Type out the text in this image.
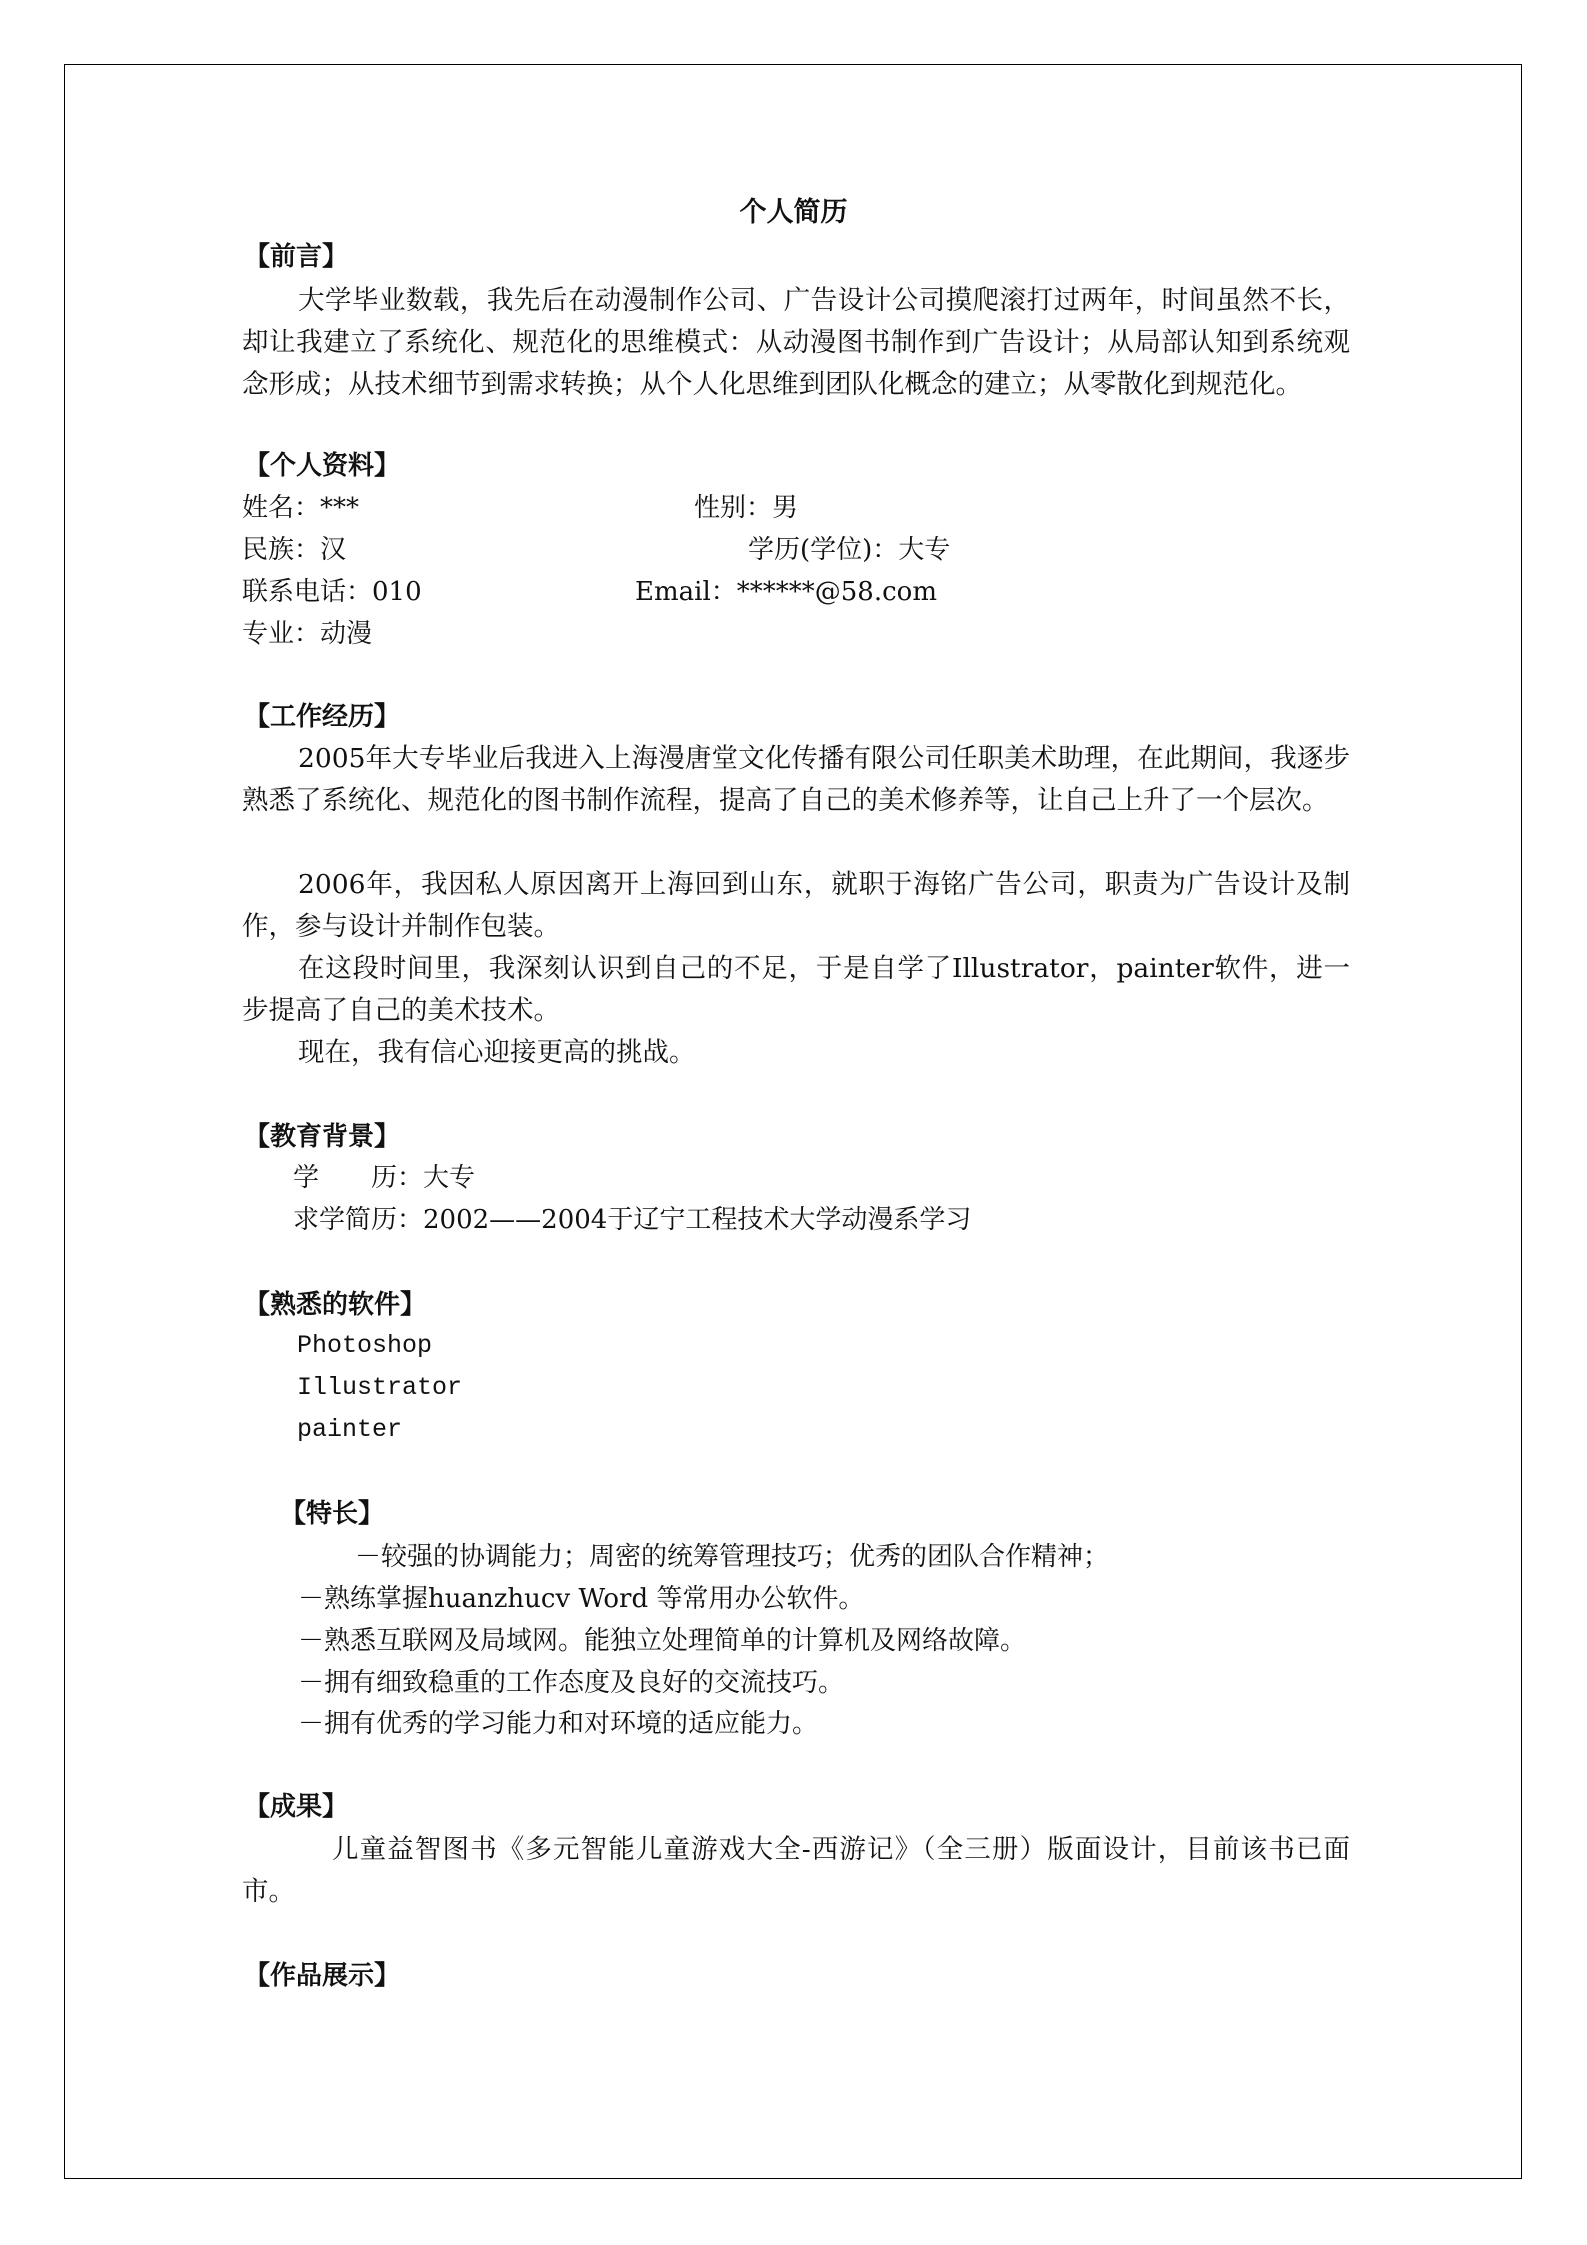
个人简历
【前言】
大学毕业数载，我先后在动漫制作公司、广告设计公司摸爬滚打过两年，时间虽然不长，却让我建立了系统化、规范化的思维模式：从动漫图书制作到广告设计；从局部认知到系统观念形成；从技术细节到需求转换；从个人化思维到团队化概念的建立；从零散化到规范化。
【个人资料】
姓名：***	性别：男
民族：汉	学历(学位)：大专
联系电话：010	Email：******@58.com
专业：动漫
【工作经历】
2005年大专毕业后我进入上海漫唐堂文化传播有限公司任职美术助理，在此期间，我逐步熟悉了系统化、规范化的图书制作流程，提高了自己的美术修养等，让自己上升了一个层次。
2006年，我因私人原因离开上海回到山东，就职于海铭广告公司，职责为广告设计及制作，参与设计并制作包装。
在这段时间里，我深刻认识到自己的不足，于是自学了Illustrator，painter软件，进一步提高了自己的美术技术。
现在，我有信心迎接更高的挑战。
【教育背景】
学　　历：大专
求学简历：2002——2004于辽宁工程技术大学动漫系学习
【熟悉的软件】
Photoshop
Illustrator
painter
【特长】
－较强的协调能力；周密的统筹管理技巧；优秀的团队合作精神；
－熟练掌握huanzhucv Word 等常用办公软件。
－熟悉互联网及局域网。能独立处理简单的计算机及网络故障。
－拥有细致稳重的工作态度及良好的交流技巧。
－拥有优秀的学习能力和对环境的适应能力。
【成果】
儿童益智图书《多元智能儿童游戏大全-西游记》（全三册）版面设计，目前该书已面市。
【作品展示】
